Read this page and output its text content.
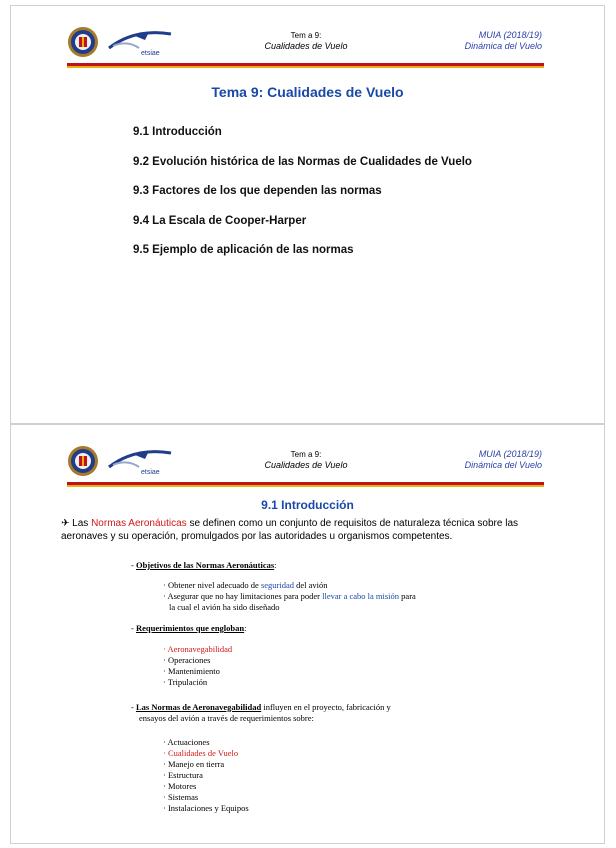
etsiae
Tem a 9:
Cualidades de Vuelo
MUIA (2018/19)
Dinámica del Vuelo
Tema 9: Cualidades de Vuelo
9.1 Introducción
9.2 Evolución histórica de las Normas de Cualidades de Vuelo
9.3 Factores de los que dependen las normas
9.4 La Escala de Cooper-Harper
9.5 Ejemplo de aplicación de las normas
etsiae
Tem a 9:
Cualidades de Vuelo
MUIA (2018/19)
Dinámica del Vuelo
9.1 Introducción
✈ Las Normas Aeronáuticas se definen como un conjunto de requisitos de naturaleza técnica sobre las aeronaves y su operación, promulgados por las autoridades u organismos competentes.
- Objetivos de las Normas Aeronáuticas:
· Obtener nivel adecuado de seguridad del avión
· Asegurar que no hay limitaciones para poder llevar a cabo la misión para
la cual el avión ha sido diseñado
- Requerimientos que engloban:
· Aeronavegabilidad
· Operaciones
· Mantenimiento
· Tripulación
- Las Normas de Aeronavegabilidad influyen en el proyecto, fabricación y
ensayos del avión a través de requerimientos sobre:
· Actuaciones
· Cualidades de Vuelo
· Manejo en tierra
· Estructura
· Motores
· Sistemas
· Instalaciones y Equipos
